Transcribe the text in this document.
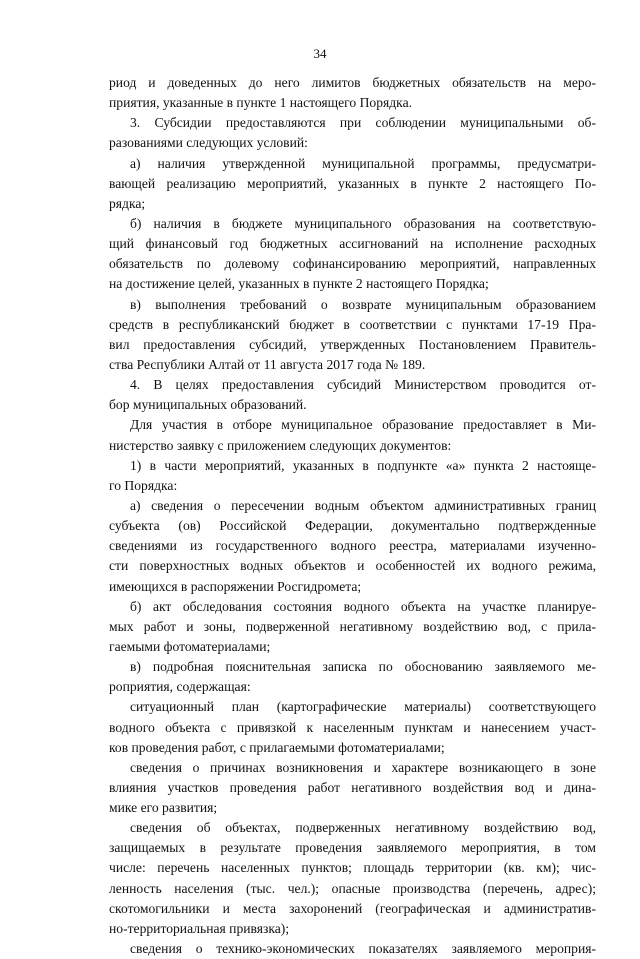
34
риод и доведенных до него лимитов бюджетных обязательств на меро-
приятия, указанные в пункте 1 настоящего Порядка.
3. Субсидии предоставляются при соблюдении муниципальными об-
разованиями следующих условий:
а) наличия утвержденной муниципальной программы, предусматри-
вающей реализацию мероприятий, указанных в пункте 2 настоящего По-
рядка;
б) наличия в бюджете муниципального образования на соответствую-
щий финансовый год бюджетных ассигнований на исполнение расходных
обязательств по долевому софинансированию мероприятий, направленных
на достижение целей, указанных в пункте 2 настоящего Порядка;
в) выполнения требований о возврате муниципальным образованием
средств в республиканский бюджет в соответствии с пунктами 17-19 Пра-
вил предоставления субсидий, утвержденных Постановлением Правитель-
ства Республики Алтай от 11 августа 2017 года № 189.
4. В целях предоставления субсидий Министерством проводится от-
бор муниципальных образований.
Для участия в отборе муниципальное образование предоставляет в Ми-
нистерство заявку с приложением следующих документов:
1) в части мероприятий, указанных в подпункте «а» пункта 2 настояще-
го Порядка:
а) сведения о пересечении водным объектом административных границ
субъекта (ов) Российской Федерации, документально подтвержденные
сведениями из государственного водного реестра, материалами изученно-
сти поверхностных водных объектов и особенностей их водного режима,
имеющихся в распоряжении Росгидромета;
б) акт обследования состояния водного объекта на участке планируе-
мых работ и зоны, подверженной негативному воздействию вод, с прила-
гаемыми фотоматериалами;
в) подробная пояснительная записка по обоснованию заявляемого ме-
роприятия, содержащая:
ситуационный план (картографические материалы) соответствующего
водного объекта с привязкой к населенным пунктам и нанесением участ-
ков проведения работ, с прилагаемыми фотоматериалами;
сведения о причинах возникновения и характере возникающего в зоне
влияния участков проведения работ негативного воздействия вод и дина-
мике его развития;
сведения об объектах, подверженных негативному воздействию вод,
защищаемых в результате проведения заявляемого мероприятия, в том
числе: перечень населенных пунктов; площадь территории (кв. км); чис-
ленность населения (тыс. чел.); опасные производства (перечень, адрес);
скотомогильники и места захоронений (географическая и административ-
но-территориальная привязка);
сведения о технико-экономических показателях заявляемого мероприя-
